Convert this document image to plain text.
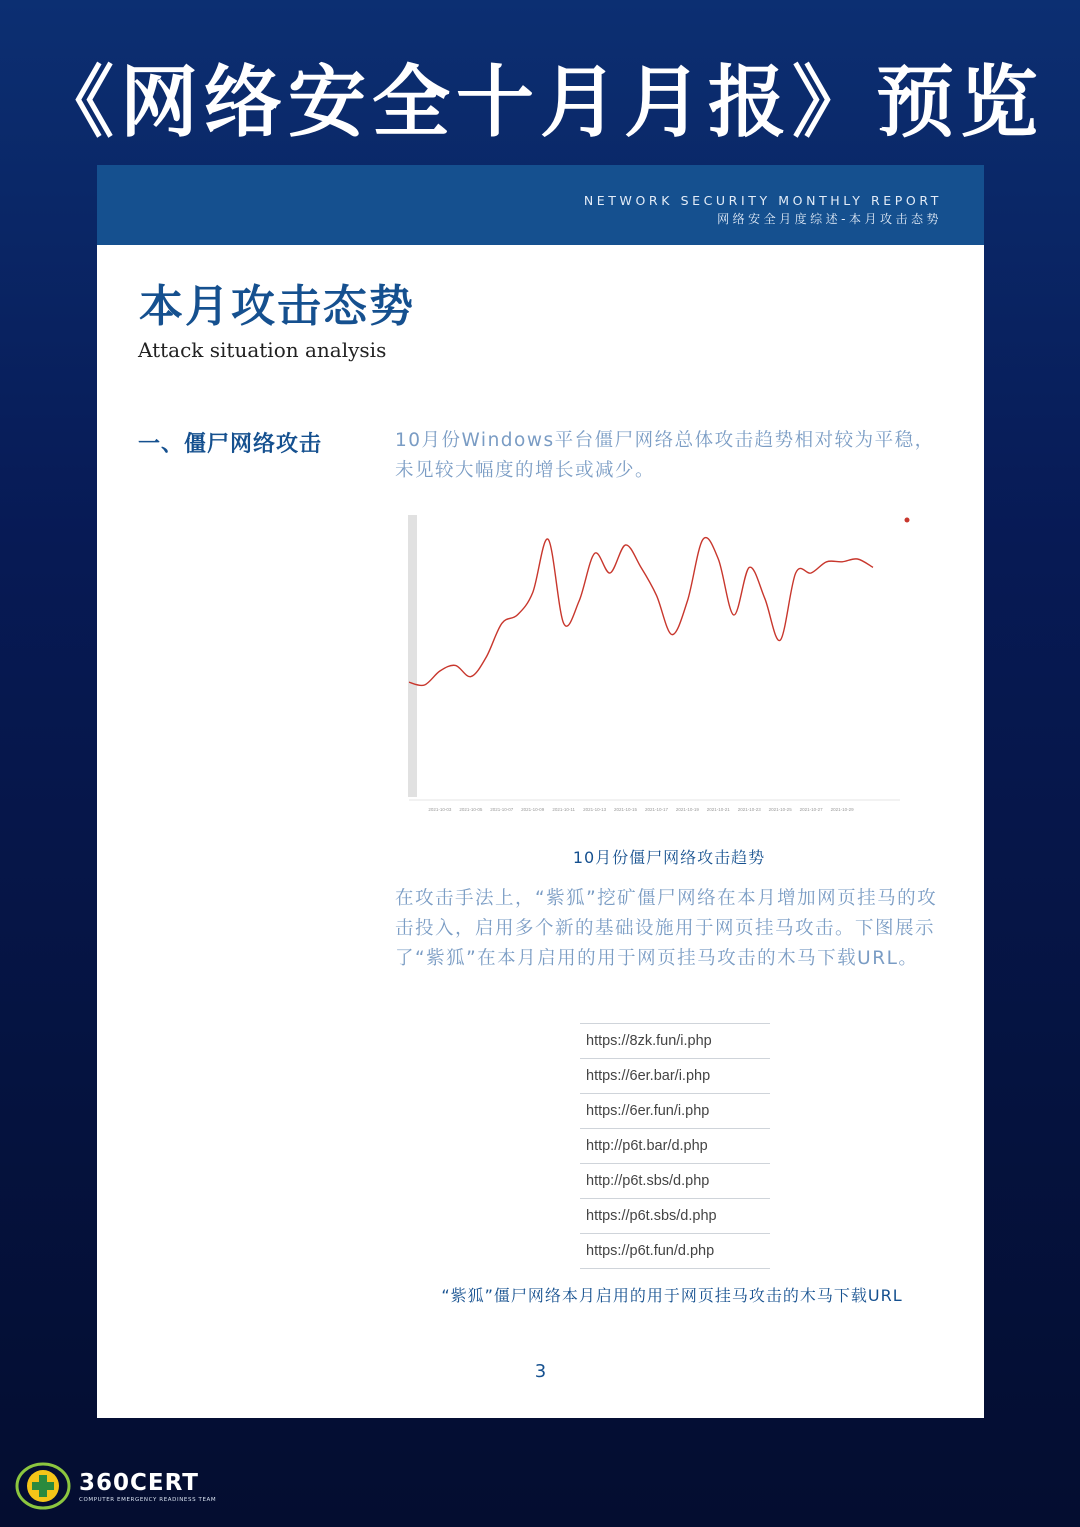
《网络安全十月月报》预览
NETWORK SECURITY MONTHLY REPORT
网络安全月度综述-本月攻击态势
本月攻击态势
Attack situation analysis
一、僵尸网络攻击	10月份Windows平台僵尸网络总体攻击趋势相对较为平稳，未见较大幅度的增长或减少。
2021-10-03 2021-10-05 2021-10-07 2021-10-09 2021-10-11 2021-10-13 2021-10-15 2021-10-17 2021-10-19 2021-10-21 2021-10-23 2021-10-25 2021-10-27 2021-10-29
10月份僵尸网络攻击趋势
在攻击手法上，“紫狐”挖矿僵尸网络在本月增加网页挂马的攻击投入，启用多个新的基础设施用于网页挂马攻击。下图展示了“紫狐”在本月启用的用于网页挂马攻击的木马下载URL。
https://8zk.fun/i.php
https://6er.bar/i.php
https://6er.fun/i.php
http://p6t.bar/d.php
http://p6t.sbs/d.php
https://p6t.sbs/d.php
https://p6t.fun/d.php
“紫狐”僵尸网络本月启用的用于网页挂马攻击的木马下载URL
3
360CERT
COMPUTER EMERGENCY READINESS TEAM
